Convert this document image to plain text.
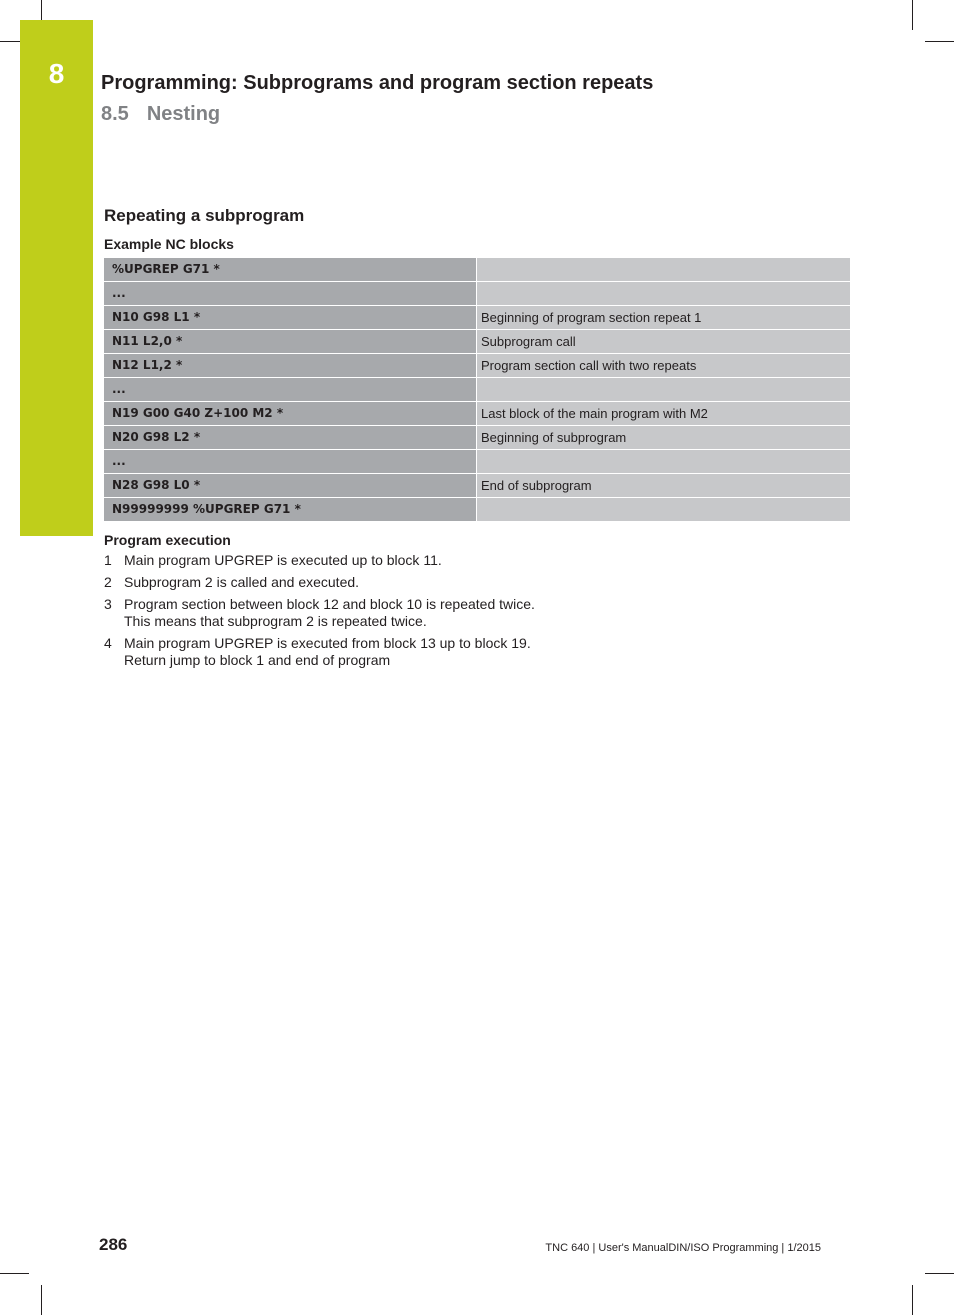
8	Programming: Subprograms and program section repeats
8.5 Nesting
Repeating a subprogram
Example NC blocks
%UPGREP G71 *
...
N10 G98 L1 *	Beginning of program section repeat 1
N11 L2,0 *	Subprogram call
N12 L1,2 *	Program section call with two repeats
...
N19 G00 G40 Z+100 M2 *	Last block of the main program with M2
N20 G98 L2 *	Beginning of subprogram
...
N28 G98 L0 *	End of subprogram
N99999999 %UPGREP G71 *
Program execution
1 Main program UPGREP is executed up to block 11.
2 Subprogram 2 is called and executed.
3 Program section between block 12 and block 10 is repeated twice. This means that subprogram 2 is repeated twice.
4 Main program UPGREP is executed from block 13 up to block 19. Return jump to block 1 and end of program
286	TNC 640 | User's ManualDIN/ISO Programming | 1/2015
